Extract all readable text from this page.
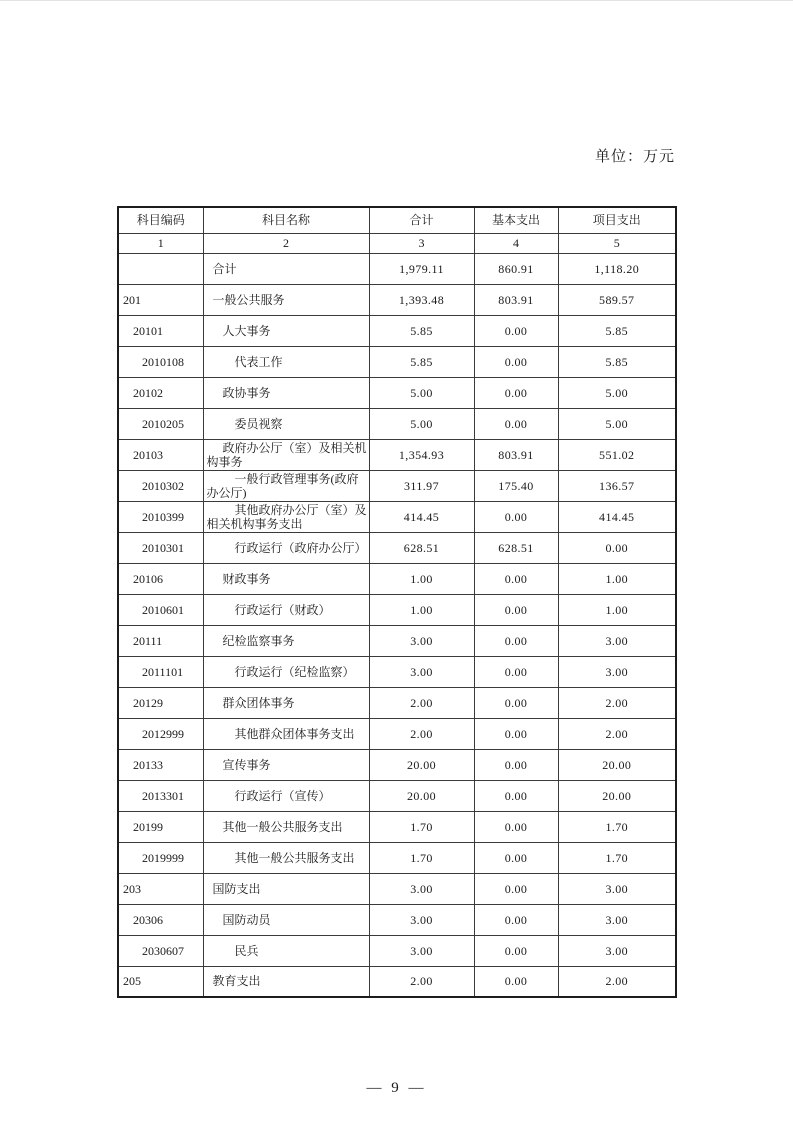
单位：万元
科目编码	科目名称	合计	基本支出	项目支出
1	2	3	4	5
	合计	1,979.11	860.91	1,118.20
201	一般公共服务	1,393.48	803.91	589.57
20101	人大事务	5.85	0.00	5.85
2010108	代表工作	5.85	0.00	5.85
20102	政协事务	5.00	0.00	5.00
2010205	委员视察	5.00	0.00	5.00
20103	政府办公厅（室）及相关机构事务	1,354.93	803.91	551.02
2010302	一般行政管理事务(政府办公厅)	311.97	175.40	136.57
2010399	其他政府办公厅（室）及相关机构事务支出	414.45	0.00	414.45
2010301	行政运行（政府办公厅）	628.51	628.51	0.00
20106	财政事务	1.00	0.00	1.00
2010601	行政运行（财政）	1.00	0.00	1.00
20111	纪检监察事务	3.00	0.00	3.00
2011101	行政运行（纪检监察）	3.00	0.00	3.00
20129	群众团体事务	2.00	0.00	2.00
2012999	其他群众团体事务支出	2.00	0.00	2.00
20133	宣传事务	20.00	0.00	20.00
2013301	行政运行（宣传）	20.00	0.00	20.00
20199	其他一般公共服务支出	1.70	0.00	1.70
2019999	其他一般公共服务支出	1.70	0.00	1.70
203	国防支出	3.00	0.00	3.00
20306	国防动员	3.00	0.00	3.00
2030607	民兵	3.00	0.00	3.00
205	教育支出	2.00	0.00	2.00
— 9 —
